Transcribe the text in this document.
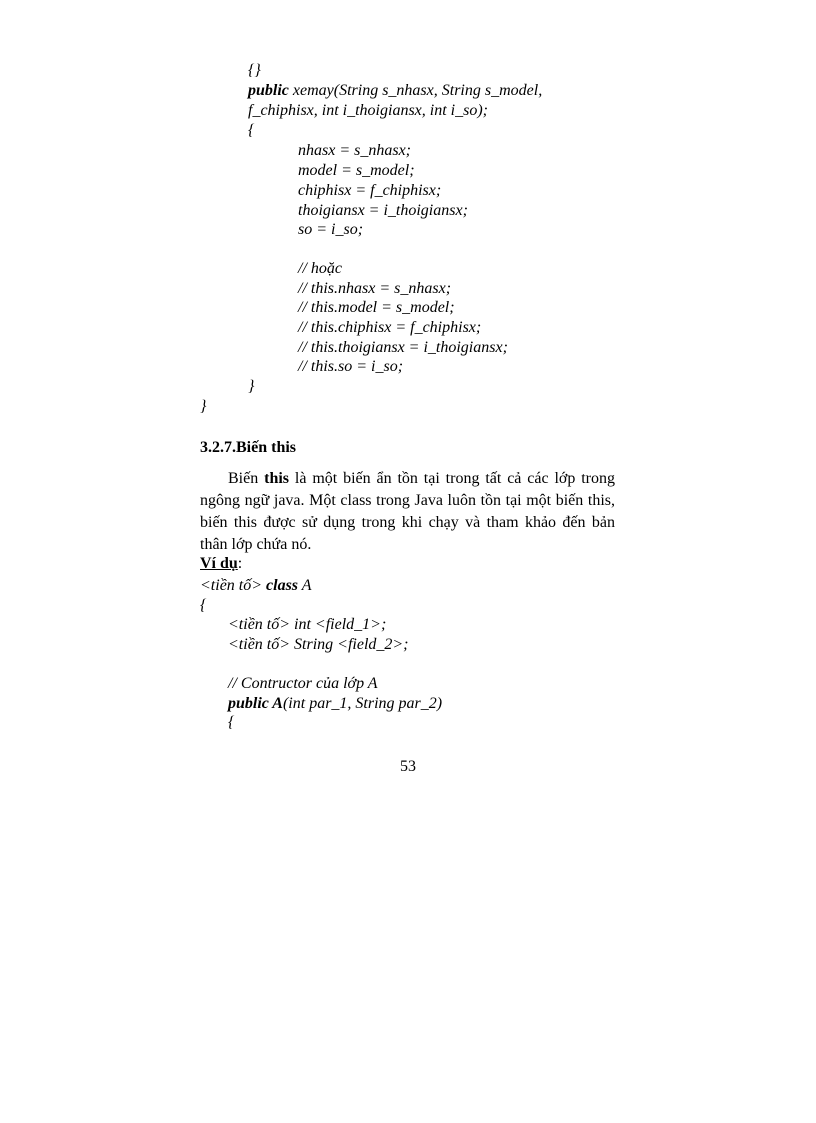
{}
public xemay(String s_nhasx, String s_model,
f_chiphisx, int i_thoigiansx, int i_so);
{
nhasx = s_nhasx;
model = s_model;
chiphisx = f_chiphisx;
thoigiansx = i_thoigiansx;
so = i_so;
// hoặc
// this.nhasx = s_nhasx;
// this.model = s_model;
// this.chiphisx = f_chiphisx;
// this.thoigiansx = i_thoigiansx;
// this.so = i_so;
}
}
3.2.7.Biến this
Biến this là một biến ẩn tồn tại trong tất cả các lớp trong ngông ngữ java. Một class trong Java luôn tồn tại một biến this, biến this được sử dụng trong khi chạy và tham khảo đến bản thân lớp chứa nó.
Ví dụ:
<tiền tố> class A
{
<tiền tố> int <field_1>;
<tiền tố> String <field_2>;
// Contructor của lớp A
public A(int par_1, String par_2)
{
53
